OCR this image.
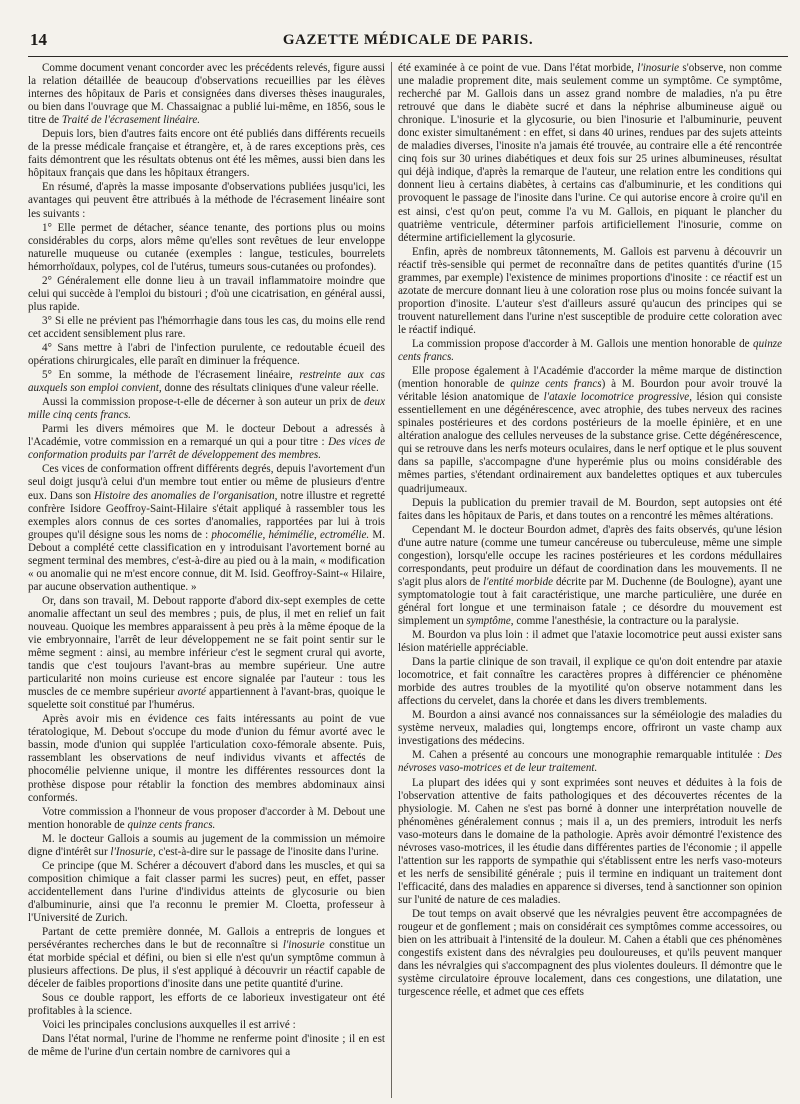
14	GAZETTE MÉDICALE DE PARIS.

Comme document venant concorder avec les précédents relevés, figure aussi la relation détaillée de beaucoup d'observations recueillies par les élèves internes des hôpitaux de Paris et consignées dans diverses thèses inaugurales, ou bien dans l'ouvrage que M. Chassaignac a publié lui-même, en 1856, sous le titre de Traité de l'écrasement linéaire.

Depuis lors, bien d'autres faits encore ont été publiés dans différents recueils de la presse médicale française et étrangère, et, à de rares exceptions près, ces faits démontrent que les résultats obtenus ont été les mêmes, aussi bien dans les hôpitaux français que dans les hôpitaux étrangers.

En résumé, d'après la masse imposante d'observations publiées jusqu'ici, les avantages qui peuvent être attribués à la méthode de l'écrasement linéaire sont les suivants :

1° Elle permet de détacher, séance tenante, des portions plus ou moins considérables du corps, alors même qu'elles sont revêtues de leur enveloppe naturelle muqueuse ou cutanée (exemples : langue, testicules, bourrelets hémorrhoïdaux, polypes, col de l'utérus, tumeurs sous-cutanées ou profondes).

2° Généralement elle donne lieu à un travail inflammatoire moindre que celui qui succède à l'emploi du bistouri ; d'où une cicatrisation, en général aussi, plus rapide.

3° Si elle ne prévient pas l'hémorrhagie dans tous les cas, du moins elle rend cet accident sensiblement plus rare.

4° Sans mettre à l'abri de l'infection purulente, ce redoutable écueil des opérations chirurgicales, elle paraît en diminuer la fréquence.

5° En somme, la méthode de l'écrasement linéaire, restreinte aux cas auxquels son emploi convient, donne des résultats cliniques d'une valeur réelle.

Aussi la commission propose-t-elle de décerner à son auteur un prix de deux mille cinq cents francs.

Parmi les divers mémoires que M. le docteur Debout a adressés à l'Académie, votre commission en a remarqué un qui a pour titre : Des vices de conformation produits par l'arrêt de développement des membres.

Ces vices de conformation offrent différents degrés, depuis l'avortement d'un seul doigt jusqu'à celui d'un membre tout entier ou même de plusieurs d'entre eux. Dans son Histoire des anomalies de l'organisation, notre illustre et regretté confrère Isidore Geoffroy-Saint-Hilaire s'était appliqué à rassembler tous les exemples alors connus de ces sortes d'anomalies, rapportées par lui à trois groupes qu'il désigne sous les noms de : phocomélie, hémimélie, ectromélie. M. Debout a complété cette classification en y introduisant l'avortement borné au segment terminal des membres, c'est-à-dire au pied ou à la main, « modification « ou anomalie qui ne m'est encore connue, dit M. Isid. Geoffroy-Saint-« Hilaire, par aucune observation authentique. »

Or, dans son travail, M. Debout rapporte d'abord dix-sept exemples de cette anomalie affectant un seul des membres ; puis, de plus, il met en relief un fait nouveau. Quoique les membres apparaissent à peu près à la même époque de la vie embryonnaire, l'arrêt de leur développement ne se fait point sentir sur le même segment : ainsi, au membre inférieur c'est le segment crural qui avorte, tandis que c'est toujours l'avant-bras au membre supérieur. Une autre particularité non moins curieuse est encore signalée par l'auteur : tous les muscles de ce membre supérieur avorté appartiennent à l'avant-bras, quoique le squelette soit constitué par l'humérus.

Après avoir mis en évidence ces faits intéressants au point de vue tératologique, M. Debout s'occupe du mode d'union du fémur avorté avec le bassin, mode d'union qui supplée l'articulation coxo-fémorale absente. Puis, rassemblant les observations de neuf individus vivants et affectés de phocomélie pelvienne unique, il montre les différentes ressources dont la prothèse dispose pour rétablir la fonction des membres abdominaux ainsi conformés.

Votre commission a l'honneur de vous proposer d'accorder à M. Debout une mention honorable de quinze cents francs.

M. le docteur Gallois a soumis au jugement de la commission un mémoire digne d'intérêt sur l'Inosurie, c'est-à-dire sur le passage de l'inosite dans l'urine.

Ce principe (que M. Schérer a découvert d'abord dans les muscles, et qui sa composition chimique a fait classer parmi les sucres) peut, en effet, passer accidentellement dans l'urine d'individus atteints de glycosurie ou bien d'albuminurie, ainsi que l'a reconnu le premier M. Cloetta, professeur à l'Université de Zurich.

Partant de cette première donnée, M. Gallois a entrepris de longues et persévérantes recherches dans le but de reconnaître si l'inosurie constitue un état morbide spécial et défini, ou bien si elle n'est qu'un symptôme commun à plusieurs affections. De plus, il s'est appliqué à découvrir un réactif capable de déceler de faibles proportions d'inosite dans une petite quantité d'urine.

Sous ce double rapport, les efforts de ce laborieux investigateur ont été profitables à la science.

Voici les principales conclusions auxquelles il est arrivé :

Dans l'état normal, l'urine de l'homme ne renferme point d'inosite ; il en est de même de l'urine d'un certain nombre de carnivores qui a

été examinée à ce point de vue. Dans l'état morbide, l'inosurie s'observe, non comme une maladie proprement dite, mais seulement comme un symptôme. Ce symptôme, recherché par M. Gallois dans un assez grand nombre de maladies, n'a pu être retrouvé que dans le diabète sucré et dans la néphrise albumineuse aiguë ou chronique. L'inosurie et la glycosurie, ou bien l'inosurie et l'albuminurie, peuvent donc exister simultanément : en effet, si dans 40 urines, rendues par des sujets atteints de maladies diverses, l'inosite n'a jamais été trouvée, au contraire elle a été rencontrée cinq fois sur 30 urines diabétiques et deux fois sur 25 urines albumineuses, résultat qui déjà indique, d'après la remarque de l'auteur, une relation entre les conditions qui donnent lieu à certains diabètes, à certains cas d'albuminurie, et les conditions qui provoquent le passage de l'inosite dans l'urine. Ce qui autorise encore à croire qu'il en est ainsi, c'est qu'on peut, comme l'a vu M. Gallois, en piquant le plancher du quatrième ventricule, déterminer parfois artificiellement l'inosurie, comme on détermine artificiellement la glycosurie.

Enfin, après de nombreux tâtonnements, M. Gallois est parvenu à découvrir un réactif très-sensible qui permet de reconnaître dans de petites quantités d'urine (15 grammes, par exemple) l'existence de minimes proportions d'inosite : ce réactif est un azotate de mercure donnant lieu à une coloration rose plus ou moins foncée suivant la proportion d'inosite. L'auteur s'est d'ailleurs assuré qu'aucun des principes qui se trouvent naturellement dans l'urine n'est susceptible de produire cette coloration avec le réactif indiqué.

La commission propose d'accorder à M. Gallois une mention honorable de quinze cents francs.

Elle propose également à l'Académie d'accorder la même marque de distinction (mention honorable de quinze cents francs) à M. Bourdon pour avoir trouvé la véritable lésion anatomique de l'ataxie locomotrice progressive, lésion qui consiste essentiellement en une dégénérescence, avec atrophie, des tubes nerveux des racines spinales postérieures et des cordons postérieurs de la moelle épinière, et en une altération analogue des cellules nerveuses de la substance grise. Cette dégénérescence, qui se retrouve dans les nerfs moteurs oculaires, dans le nerf optique et le plus souvent dans sa papille, s'accompagne d'une hyperémie plus ou moins considérable des mêmes parties, s'étendant ordinairement aux bandelettes optiques et aux tubercules quadrijumeaux.

Depuis la publication du premier travail de M. Bourdon, sept autopsies ont été faites dans les hôpitaux de Paris, et dans toutes on a rencontré les mêmes altérations.

Cependant M. le docteur Bourdon admet, d'après des faits observés, qu'une lésion d'une autre nature (comme une tumeur cancéreuse ou tuberculeuse, même une simple congestion), lorsqu'elle occupe les racines postérieures et les cordons médullaires correspondants, peut produire un défaut de coordination dans les mouvements. Il ne s'agit plus alors de l'entité morbide décrite par M. Duchenne (de Boulogne), ayant une symptomatologie tout à fait caractéristique, une marche particulière, une durée en général fort longue et une terminaison fatale ; ce désordre du mouvement est simplement un symptôme, comme l'anesthésie, la contracture ou la paralysie.

M. Bourdon va plus loin : il admet que l'ataxie locomotrice peut aussi exister sans lésion matérielle appréciable.

Dans la partie clinique de son travail, il explique ce qu'on doit entendre par ataxie locomotrice, et fait connaître les caractères propres à différencier ce phénomène morbide des autres troubles de la myotilité qu'on observe notamment dans les affections du cervelet, dans la chorée et dans les divers tremblements.

M. Bourdon a ainsi avancé nos connaissances sur la séméiologie des maladies du système nerveux, maladies qui, longtemps encore, offriront un vaste champ aux investigations des médecins.

M. Cahen a présenté au concours une monographie remarquable intitulée : Des névroses vaso-motrices et de leur traitement.

La plupart des idées qui y sont exprimées sont neuves et déduites à la fois de l'observation attentive de faits pathologiques et des découvertes récentes de la physiologie. M. Cahen ne s'est pas borné à donner une interprétation nouvelle de phénomènes généralement connus ; mais il a, un des premiers, introduit les nerfs vaso-moteurs dans le domaine de la pathologie. Après avoir démontré l'existence des névroses vaso-motrices, il les étudie dans différentes parties de l'économie ; il appelle l'attention sur les rapports de sympathie qui s'établissent entre les nerfs vaso-moteurs et les nerfs de sensibilité générale ; puis il termine en indiquant un traitement dont l'efficacité, dans des maladies en apparence si diverses, tend à sanctionner son opinion sur l'unité de nature de ces maladies.

De tout temps on avait observé que les névralgies peuvent être accompagnées de rougeur et de gonflement ; mais on considérait ces symptômes comme accessoires, ou bien on les attribuait à l'intensité de la douleur. M. Cahen a établi que ces phénomènes congestifs existent dans des névralgies peu douloureuses, et qu'ils peuvent manquer dans les névralgies qui s'accompagnent des plus violentes douleurs. Il démontre que le système circulatoire éprouve localement, dans ces congestions, une dilatation, une turgescence réelle, et admet que ces effets
